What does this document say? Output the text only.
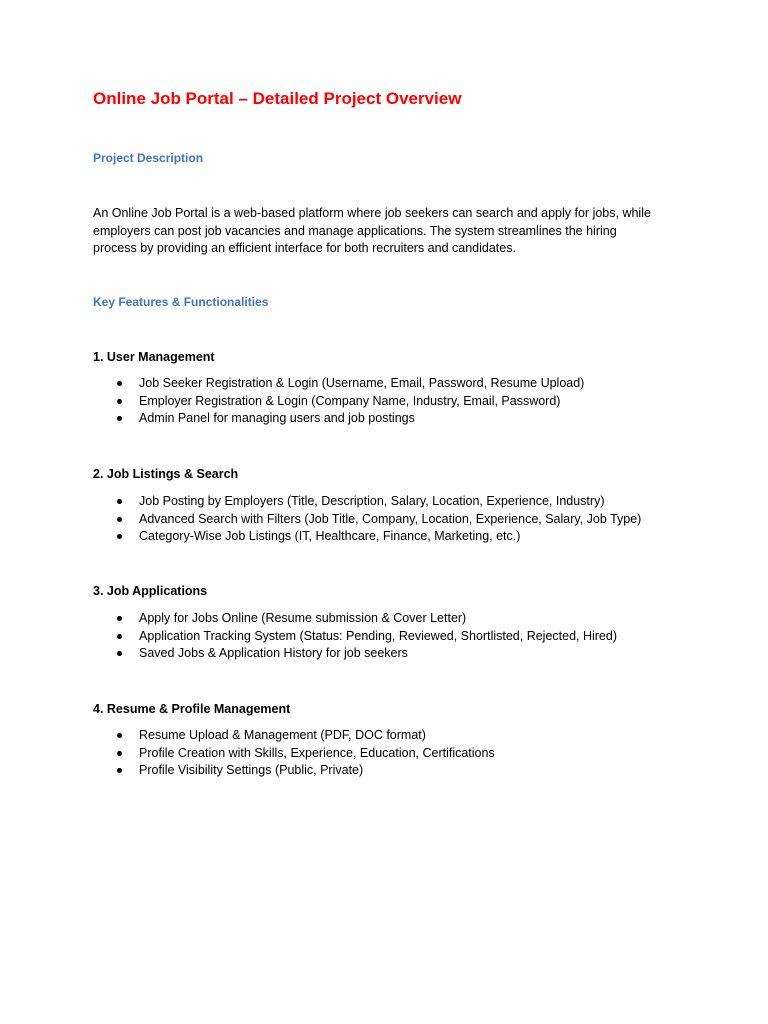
Online Job Portal – Detailed Project Overview
Project Description

An Online Job Portal is a web-based platform where job seekers can search and apply for jobs, while
employers can post job vacancies and manage applications. The system streamlines the hiring
process by providing an efficient interface for both recruiters and candidates.

Key Features & Functionalities
1. User Management
Job Seeker Registration & Login (Username, Email, Password, Resume Upload)
Employer Registration & Login (Company Name, Industry, Email, Password)
Admin Panel for managing users and job postings
2. Job Listings & Search
Job Posting by Employers (Title, Description, Salary, Location, Experience, Industry)
Advanced Search with Filters (Job Title, Company, Location, Experience, Salary, Job Type)
Category-Wise Job Listings (IT, Healthcare, Finance, Marketing, etc.)
3. Job Applications
Apply for Jobs Online (Resume submission & Cover Letter)
Application Tracking System (Status: Pending, Reviewed, Shortlisted, Rejected, Hired)
Saved Jobs & Application History for job seekers
4. Resume & Profile Management
Resume Upload & Management (PDF, DOC format)
Profile Creation with Skills, Experience, Education, Certifications
Profile Visibility Settings (Public, Private)
